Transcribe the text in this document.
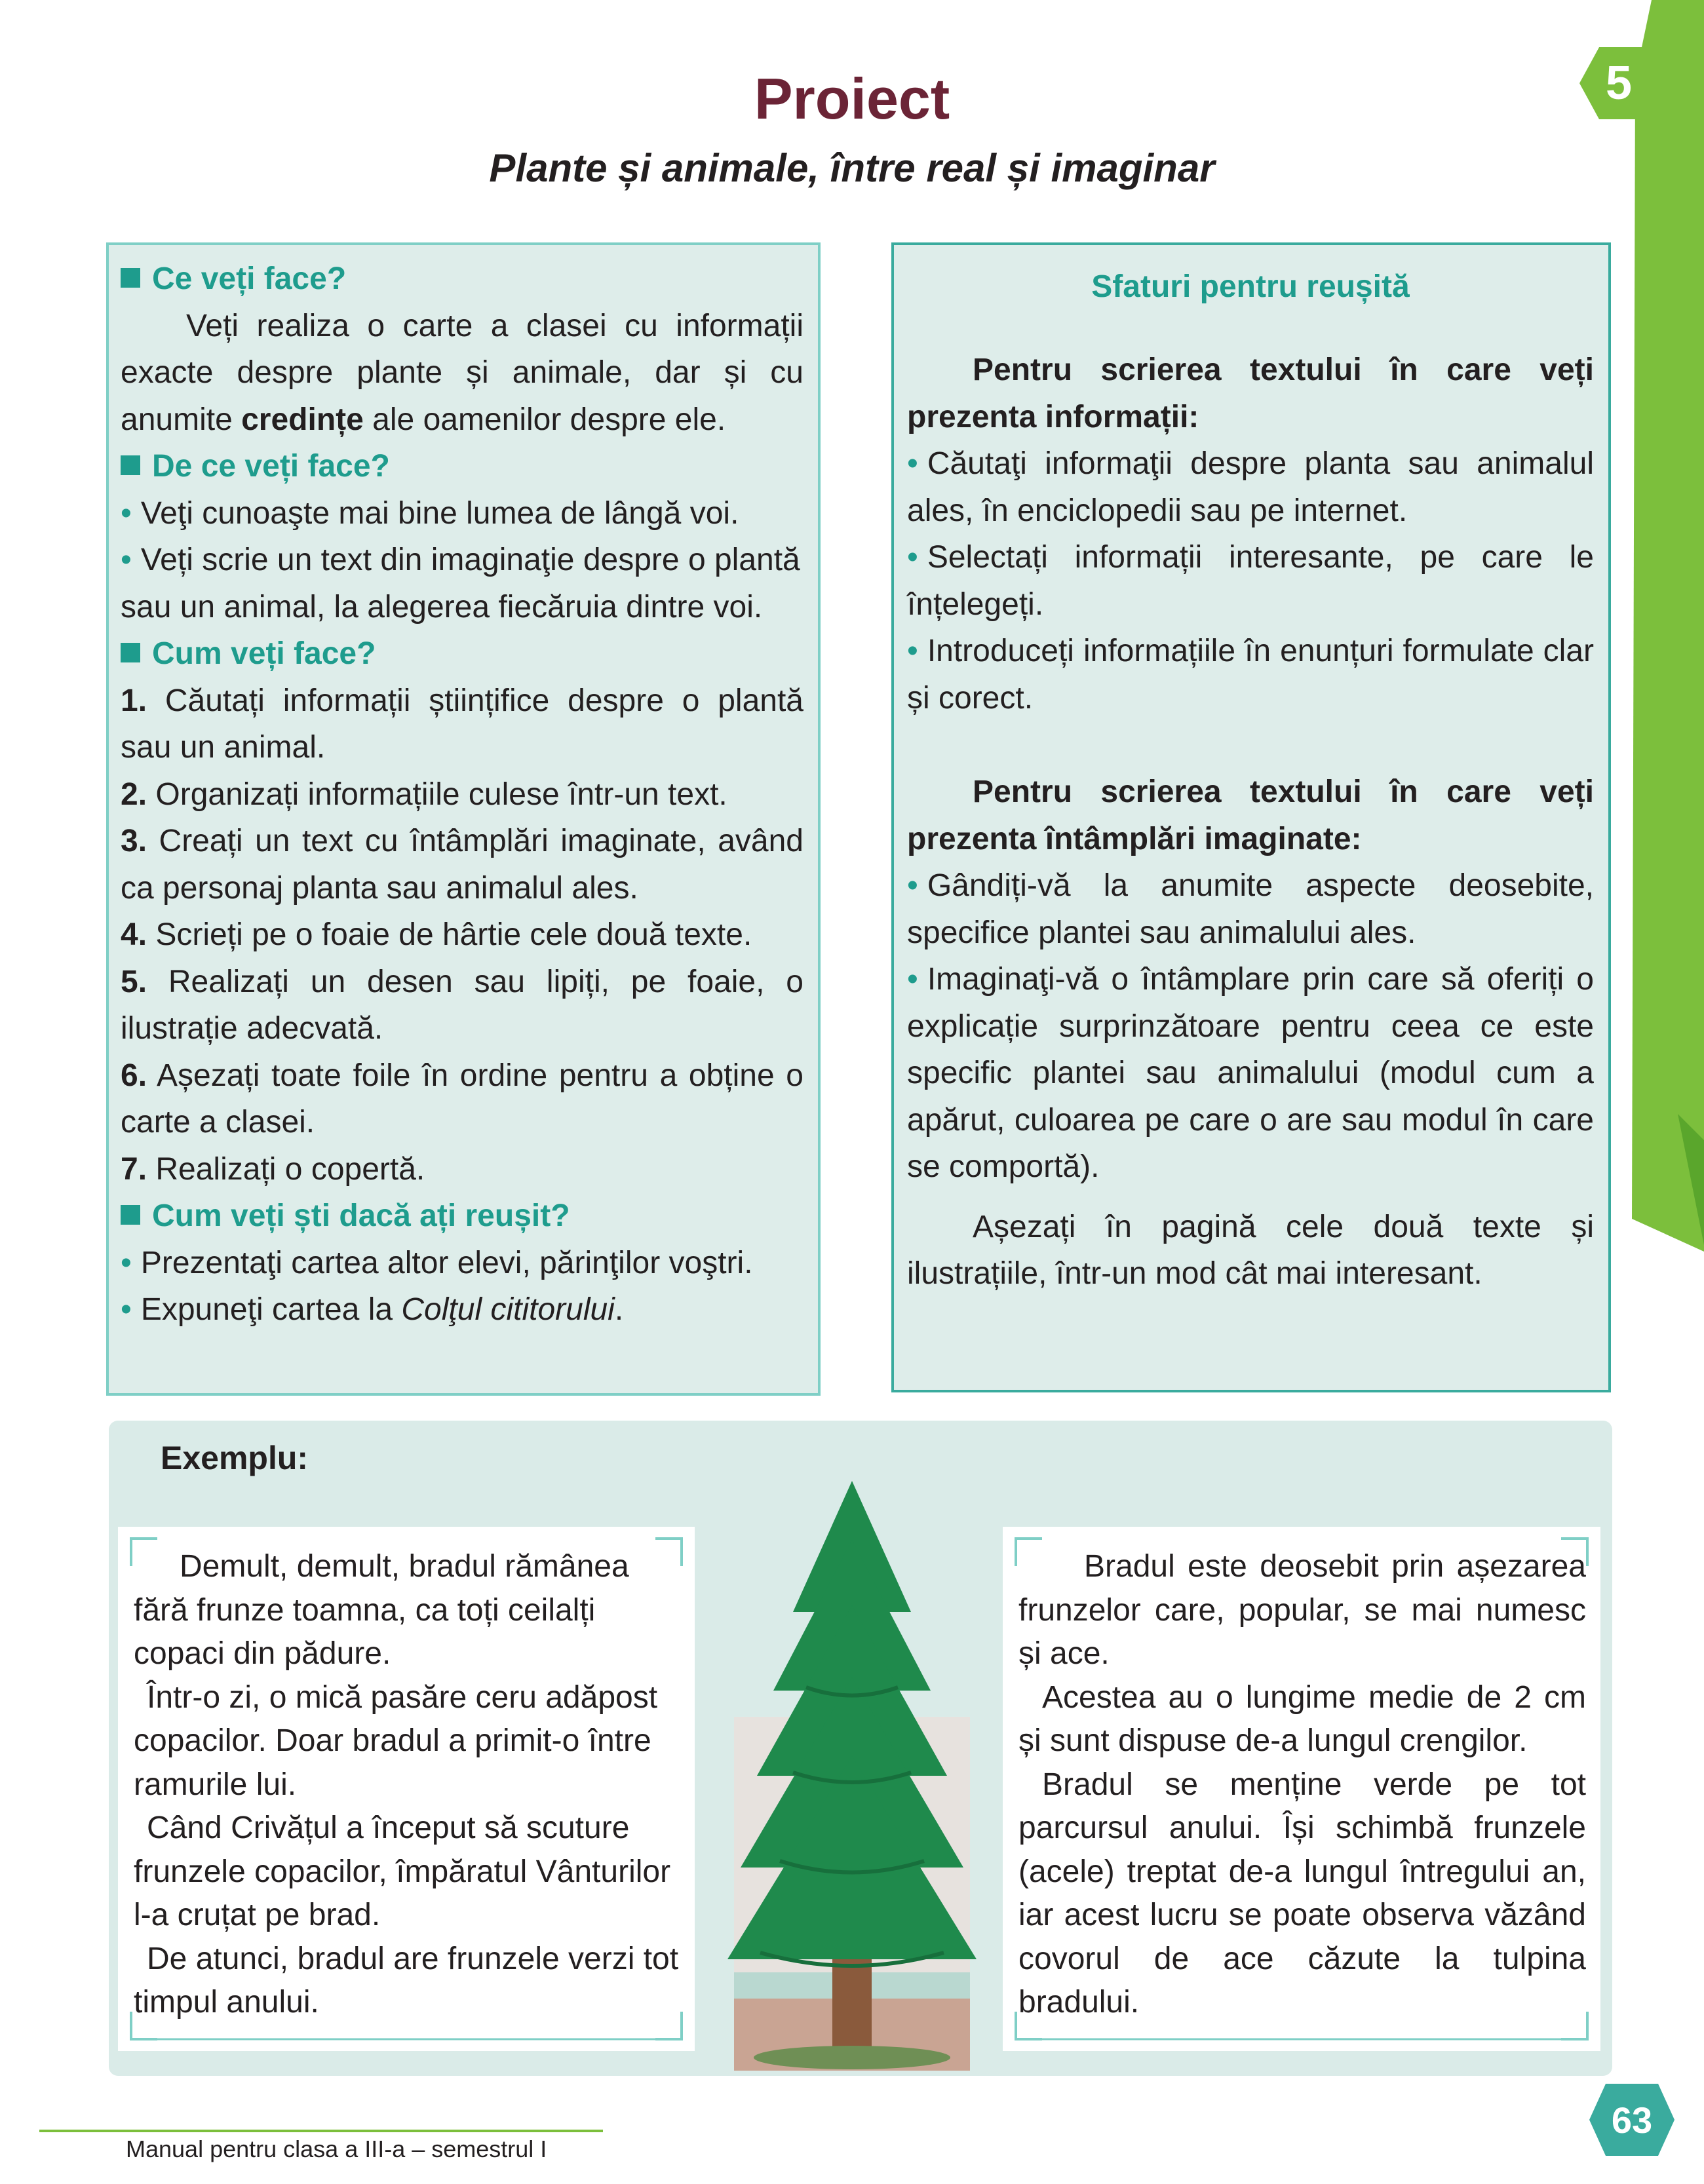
5
Proiect
Plante și animale, între real și imaginar

Ce veți face?

Veți realiza o carte a clasei cu informații exacte despre plante și animale, dar și cu anumite credințe ale oamenilor despre ele.

De ce veți face?

• Veţi cunoaşte mai bine lumea de lângă voi.

• Veți scrie un text din imaginaţie despre o plantă sau un animal, la alegerea fiecăruia dintre voi.

Cum veți face?

1. Căutați informații științifice despre o plantă sau un animal.

2. Organizați informațiile culese într-un text.

3. Creați un text cu întâmplări imaginate, având ca personaj planta sau animalul ales.

4. Scrieți pe o foaie de hârtie cele două texte.

5. Realizați un desen sau lipiți, pe foaie, o ilustrație adecvată.

6. Așezați toate foile în ordine pentru a obține o carte a clasei.

7. Realizați o copertă.

Cum veți ști dacă ați reușit?

• Prezentaţi cartea altor elevi, părinţilor voştri.

• Expuneţi cartea la Colţul cititorului.

Sfaturi pentru reușită

Pentru scrierea textului în care veți prezenta informații:

• Căutaţi informaţii despre planta sau animalul ales, în enciclopedii sau pe internet.

• Selectați informații interesante, pe care le înțelegeți.

• Introduceți informațiile în enunțuri formulate clar și corect.

Pentru scrierea textului în care veți prezenta întâmplări imaginate:

• Gândiți-vă la anumite aspecte deosebite, specifice plantei sau animalului ales.

• Imaginaţi-vă o întâmplare prin care să oferiți o explicație surprinzătoare pentru ceea ce este specific plantei sau animalului (modul cum a apărut, culoarea pe care o are sau modul în care se comportă).

Așezați în pagină cele două texte și ilustrațiile, într-un mod cât mai interesant.

Exemplu:

Demult, demult, bradul rămânea fără frunze toamna, ca toți ceilalți copaci din pădure.

Într-o zi, o mică pasăre ceru adăpost copacilor. Doar bradul a primit-o între ramurile lui.

Când Crivățul a început să scuture frunzele copacilor, împăratul Vânturilor l-a cruțat pe brad.

De atunci, bradul are frunzele verzi tot timpul anului.

Bradul este deosebit prin așezarea frunzelor care, popular, se mai numesc și ace.

Acestea au o lungime medie de 2 cm și sunt dispuse de-a lungul crengilor.

Bradul se menține verde pe tot parcursul anului. Își schimbă frunzele (acele) treptat de-a lungul întregului an, iar acest lucru se poate observa văzând covorul de ace căzute la tulpina bradului.

Manual pentru clasa a III-a – semestrul I
63
